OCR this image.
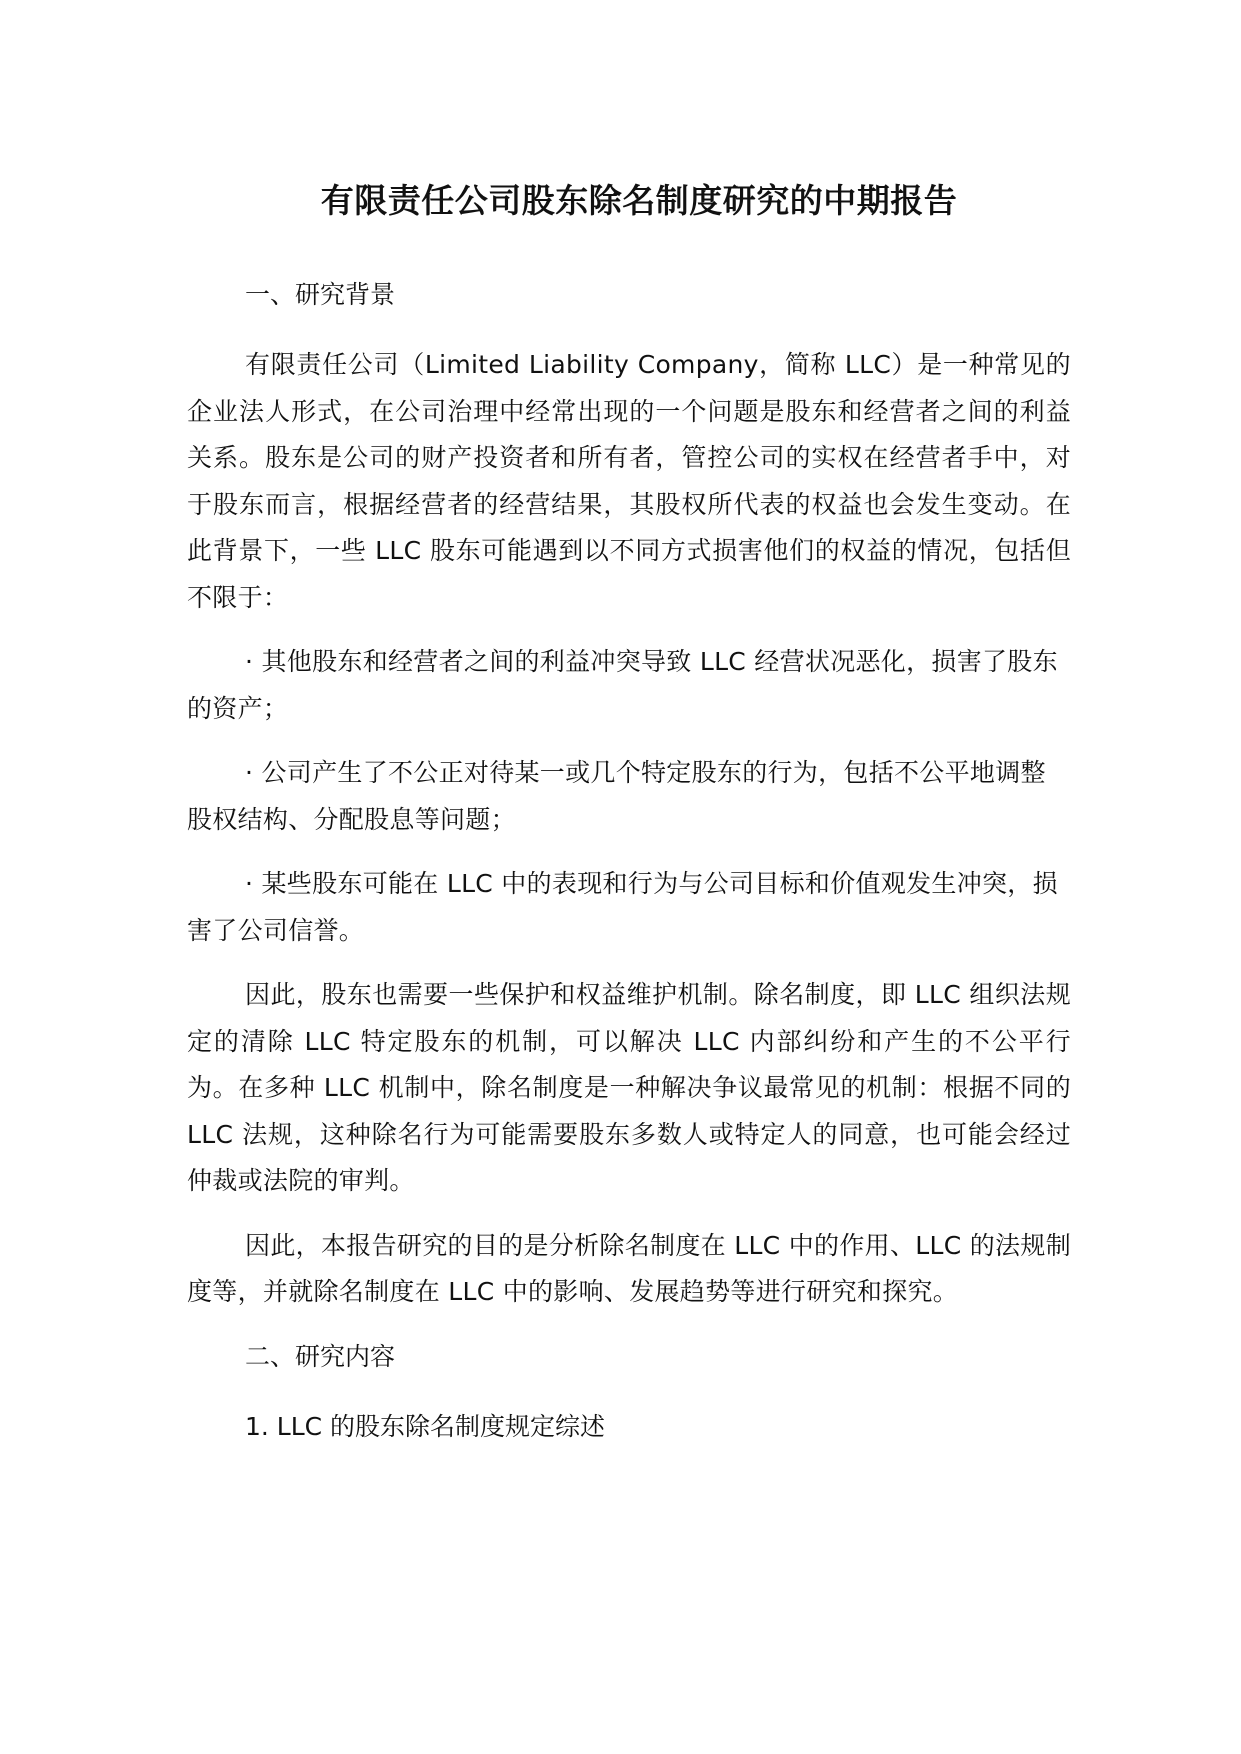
有限责任公司股东除名制度研究的中期报告

一、研究背景

有限责任公司（Limited Liability Company，简称 LLC）是一种常见的企业法人形式，在公司治理中经常出现的一个问题是股东和经营者之间的利益关系。股东是公司的财产投资者和所有者，管控公司的实权在经营者手中，对于股东而言，根据经营者的经营结果，其股权所代表的权益也会发生变动。在此背景下，一些 LLC 股东可能遇到以不同方式损害他们的权益的情况，包括但不限于：

· 其他股东和经营者之间的利益冲突导致 LLC 经营状况恶化，损害了股东的资产；

· 公司产生了不公正对待某一或几个特定股东的行为，包括不公平地调整股权结构、分配股息等问题；

· 某些股东可能在 LLC 中的表现和行为与公司目标和价值观发生冲突，损害了公司信誉。

因此，股东也需要一些保护和权益维护机制。除名制度，即 LLC 组织法规定的清除 LLC 特定股东的机制，可以解决 LLC 内部纠纷和产生的不公平行为。在多种 LLC 机制中，除名制度是一种解决争议最常见的机制：根据不同的 LLC 法规，这种除名行为可能需要股东多数人或特定人的同意，也可能会经过仲裁或法院的审判。

因此，本报告研究的目的是分析除名制度在 LLC 中的作用、LLC 的法规制度等，并就除名制度在 LLC 中的影响、发展趋势等进行研究和探究。

二、研究内容

1. LLC 的股东除名制度规定综述
